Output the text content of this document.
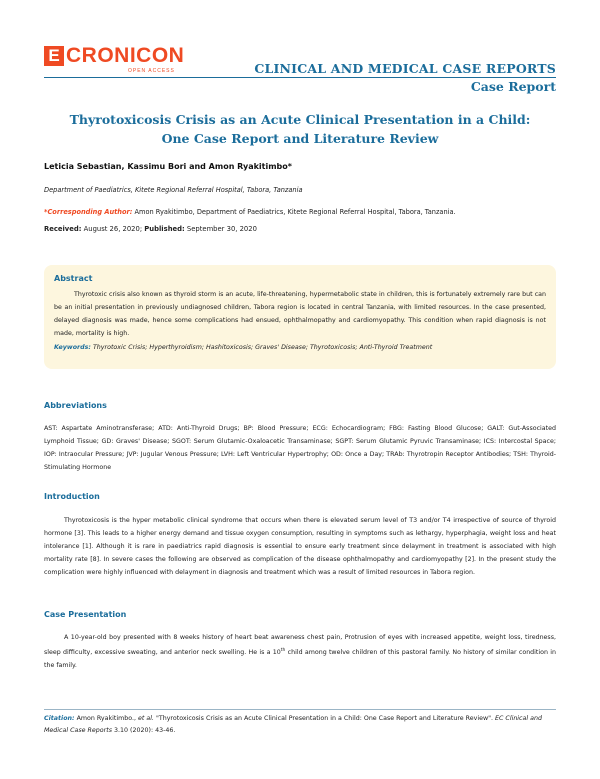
E CRONICON
OPEN ACCESS	CLINICAL AND MEDICAL CASE REPORTS
Case Report
Thyrotoxicosis Crisis as an Acute Clinical Presentation in a Child: One Case Report and Literature Review
Leticia Sebastian, Kassimu Bori and Amon Ryakitimbo*
Department of Paediatrics, Kitete Regional Referral Hospital, Tabora, Tanzania
*Corresponding Author: Amon Ryakitimbo, Department of Paediatrics, Kitete Regional Referral Hospital, Tabora, Tanzania.
Received: August 26, 2020; Published: September 30, 2020
Abstract

Thyrotoxic crisis also known as thyroid storm is an acute, life-threatening, hypermetabolic state in children, this is fortunately extremely rare but can be an initial presentation in previously undiagnosed children, Tabora region is located in central Tanzania, with limited resources. In the case presented, delayed diagnosis was made, hence some complications had ensued, ophthalmopathy and cardiomyopathy. This condition when rapid diagnosis is not made, mortality is high.

Keywords: Thyrotoxic Crisis; Hyperthyroidism; Hashitoxicosis; Graves' Disease; Thyrotoxicosis; Anti-Thyroid Treatment
Abbreviations
AST: Aspartate Aminotransferase; ATD: Anti-Thyroid Drugs; BP: Blood Pressure; ECG: Echocardiogram; FBG: Fasting Blood Glucose; GALT: Gut-Associated Lymphoid Tissue; GD: Graves' Disease; SGOT: Serum Glutamic-Oxaloacetic Transaminase; SGPT: Serum Glutamic Pyruvic Transaminase; ICS: Intercostal Space; IOP: Intraocular Pressure; JVP: Jugular Venous Pressure; LVH: Left Ventricular Hypertrophy; OD: Once a Day; TRAb: Thyrotropin Receptor Antibodies; TSH: Thyroid-Stimulating Hormone
Introduction
Thyrotoxicosis is the hyper metabolic clinical syndrome that occurs when there is elevated serum level of T3 and/or T4 irrespective of source of thyroid hormone [3]. This leads to a higher energy demand and tissue oxygen consumption, resulting in symptoms such as lethargy, hyperphagia, weight loss and heat intolerance [1]. Although it is rare in paediatrics rapid diagnosis is essential to ensure early treatment since delayment in treatment is associated with high mortality rate [8]. In severe cases the following are observed as complication of the disease ophthalmopathy and cardiomyopathy [2]. In the present study the complication were highly influenced with delayment in diagnosis and treatment which was a result of limited resources in Tabora region.
Case Presentation
A 10-year-old boy presented with 8 weeks history of heart beat awareness chest pain, Protrusion of eyes with increased appetite, weight loss, tiredness, sleep difficulty, excessive sweating, and anterior neck swelling. He is a 10th child among twelve children of this pastoral family. No history of similar condition in the family.
Citation: Amon Ryakitimbo., et al. "Thyrotoxicosis Crisis as an Acute Clinical Presentation in a Child: One Case Report and Literature Review". EC Clinical and Medical Case Reports 3.10 (2020): 43-46.
